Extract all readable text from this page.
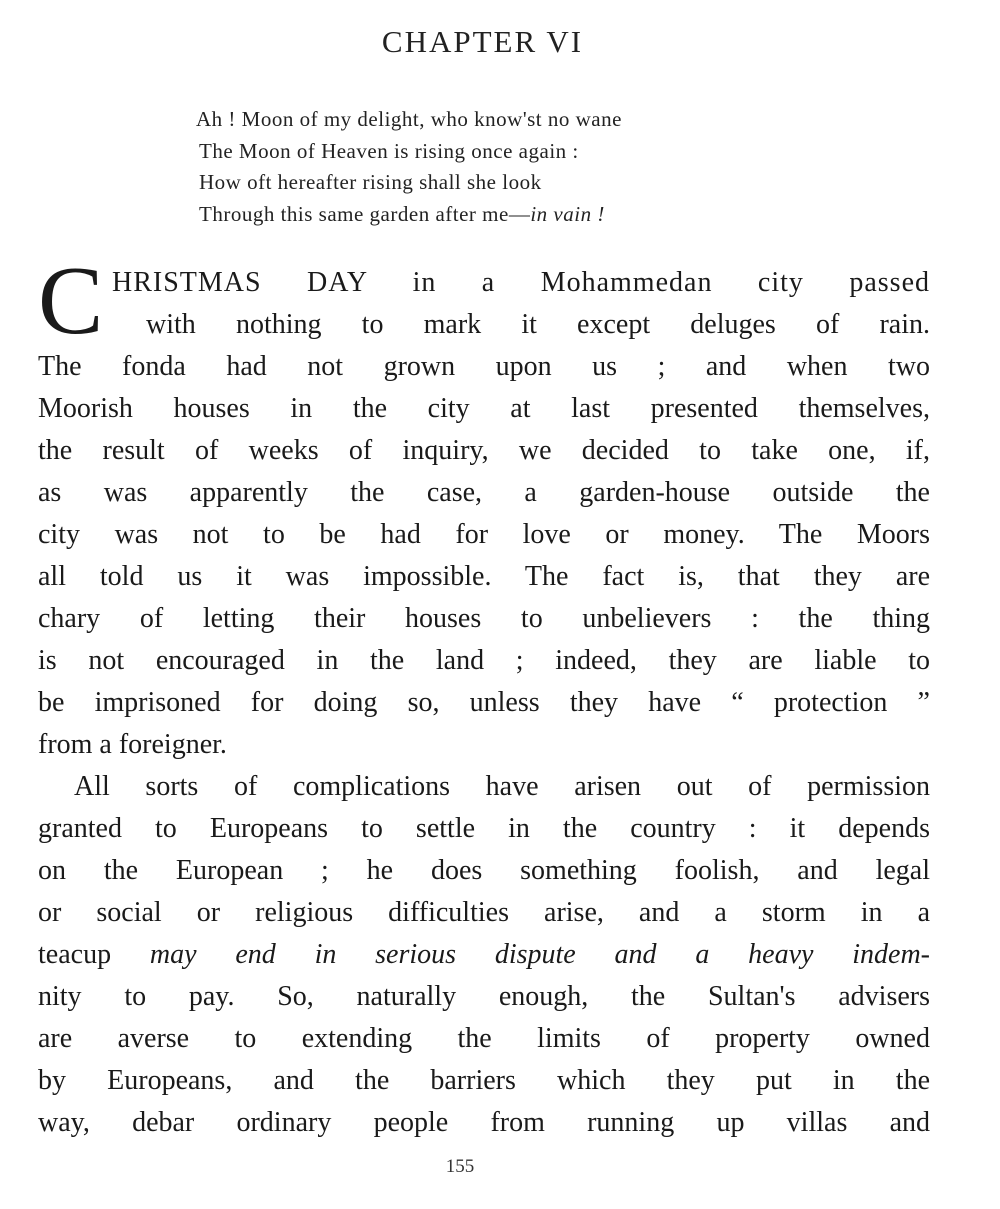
CHAPTER VI
Ah ! Moon of my delight, who know'st no wane
The Moon of Heaven is rising once again :
How oft hereafter rising shall she look
Through this same garden after me—in vain !
C HRISTMAS DAY in a Mohammedan city passed
with nothing to mark it except deluges of rain.
The fonda had not grown upon us ; and when two
Moorish houses in the city at last presented themselves,
the result of weeks of inquiry, we decided to take one, if,
as was apparently the case, a garden-house outside the
city was not to be had for love or money. The Moors
all told us it was impossible. The fact is, that they are
chary of letting their houses to unbelievers : the thing
is not encouraged in the land ; indeed, they are liable to
be imprisoned for doing so, unless they have “ protection ”
from a foreigner.
All sorts of complications have arisen out of permission
granted to Europeans to settle in the country : it depends
on the European ; he does something foolish, and legal
or social or religious difficulties arise, and a storm in a
teacup may end in serious dispute and a heavy indem-
nity to pay. So, naturally enough, the Sultan's advisers
are averse to extending the limits of property owned
by Europeans, and the barriers which they put in the
way, debar ordinary people from running up villas and
155
